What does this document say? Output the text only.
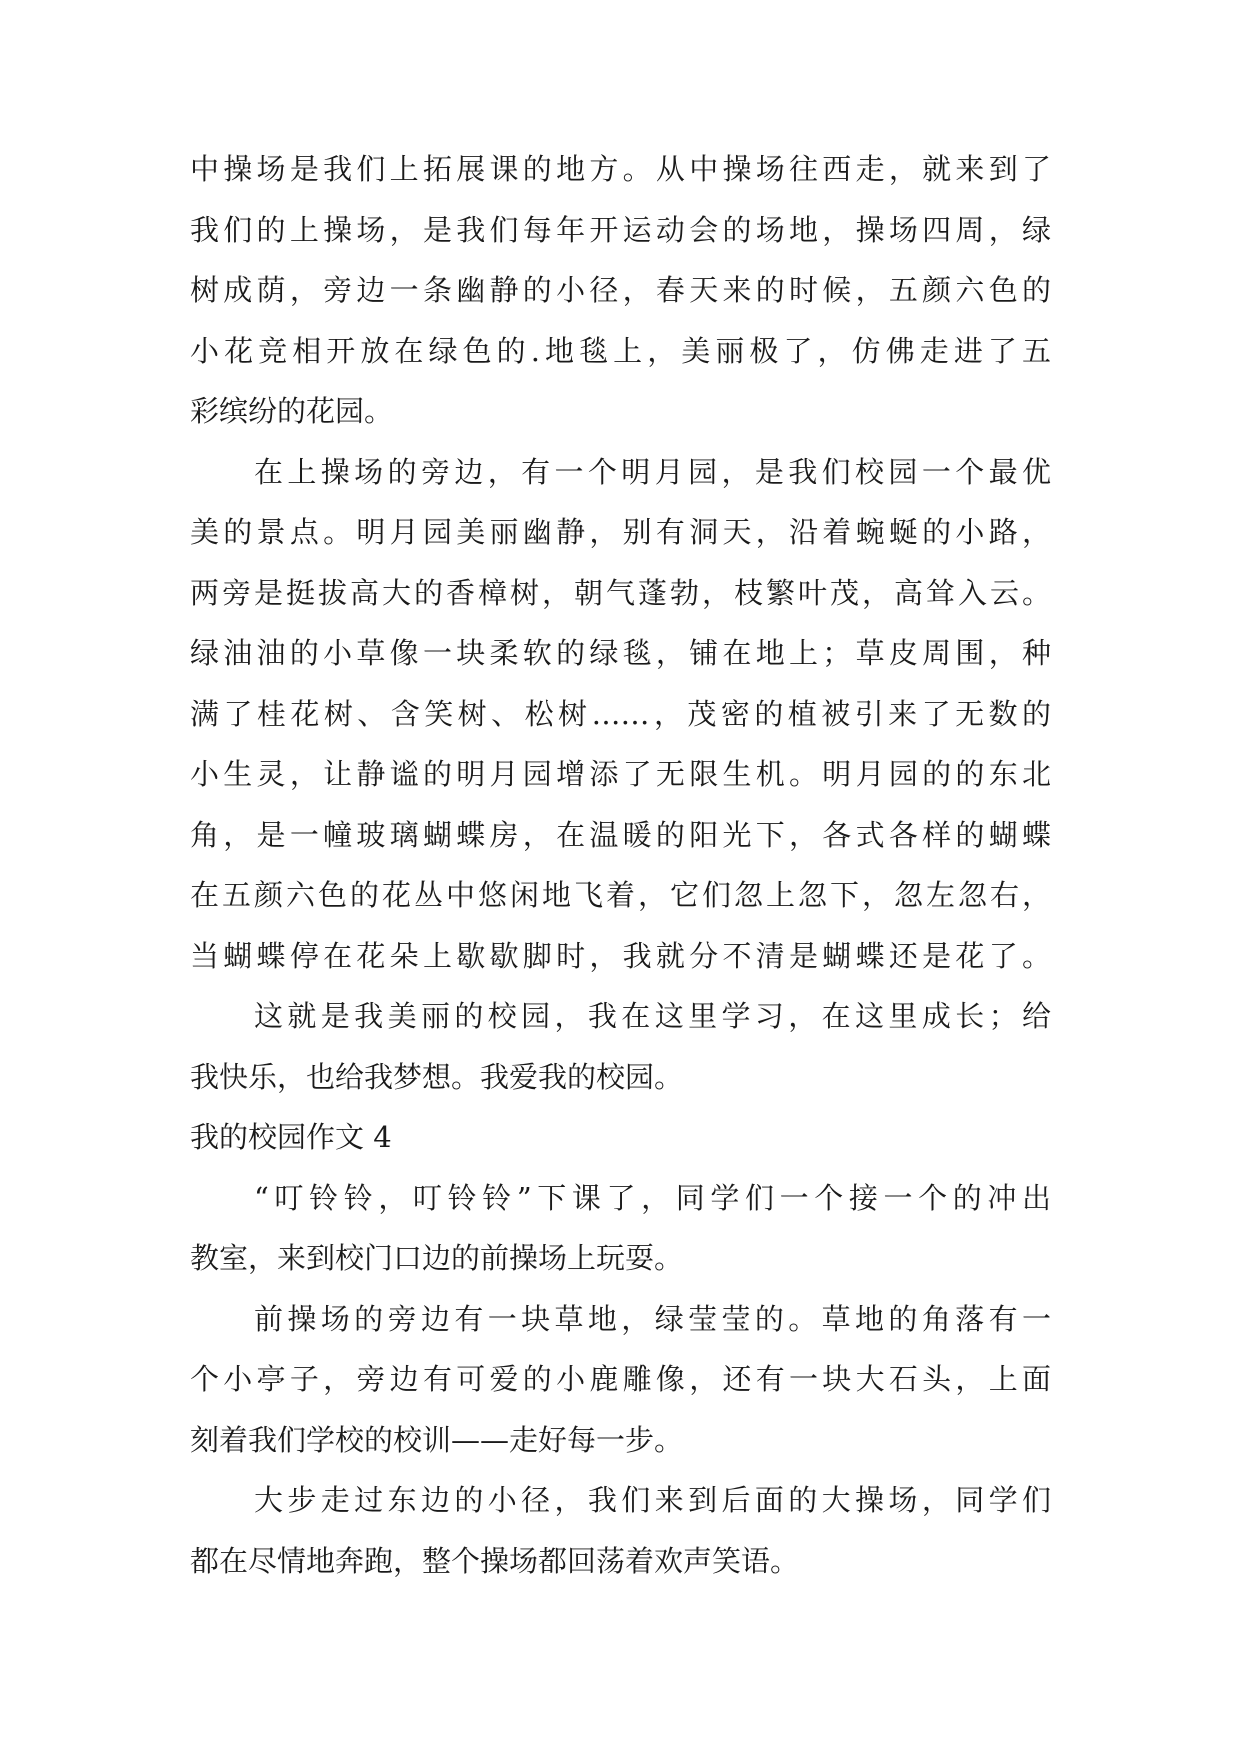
中操场是我们上拓展课的地方。从中操场往西走，就来到了
我们的上操场，是我们每年开运动会的场地，操场四周，绿
树成荫，旁边一条幽静的小径，春天来的时候，五颜六色的
小花竞相开放在绿色的.地毯上，美丽极了，仿佛走进了五
彩缤纷的花园。
在上操场的旁边，有一个明月园，是我们校园一个最优
美的景点。明月园美丽幽静，别有洞天，沿着蜿蜒的小路，
两旁是挺拔高大的香樟树，朝气蓬勃，枝繁叶茂，高耸入云。
绿油油的小草像一块柔软的绿毯，铺在地上；草皮周围，种
满了桂花树、含笑树、松树……，茂密的植被引来了无数的
小生灵，让静谧的明月园增添了无限生机。明月园的的东北
角，是一幢玻璃蝴蝶房，在温暖的阳光下，各式各样的蝴蝶
在五颜六色的花丛中悠闲地飞着，它们忽上忽下，忽左忽右，
当蝴蝶停在花朵上歇歇脚时，我就分不清是蝴蝶还是花了。
这就是我美丽的校园，我在这里学习，在这里成长；给
我快乐，也给我梦想。我爱我的校园。
我的校园作文 4
“叮铃铃，叮铃铃”下课了，同学们一个接一个的冲出
教室，来到校门口边的前操场上玩耍。
前操场的旁边有一块草地，绿莹莹的。草地的角落有一
个小亭子，旁边有可爱的小鹿雕像，还有一块大石头，上面
刻着我们学校的校训——走好每一步。
大步走过东边的小径，我们来到后面的大操场，同学们
都在尽情地奔跑，整个操场都回荡着欢声笑语。
